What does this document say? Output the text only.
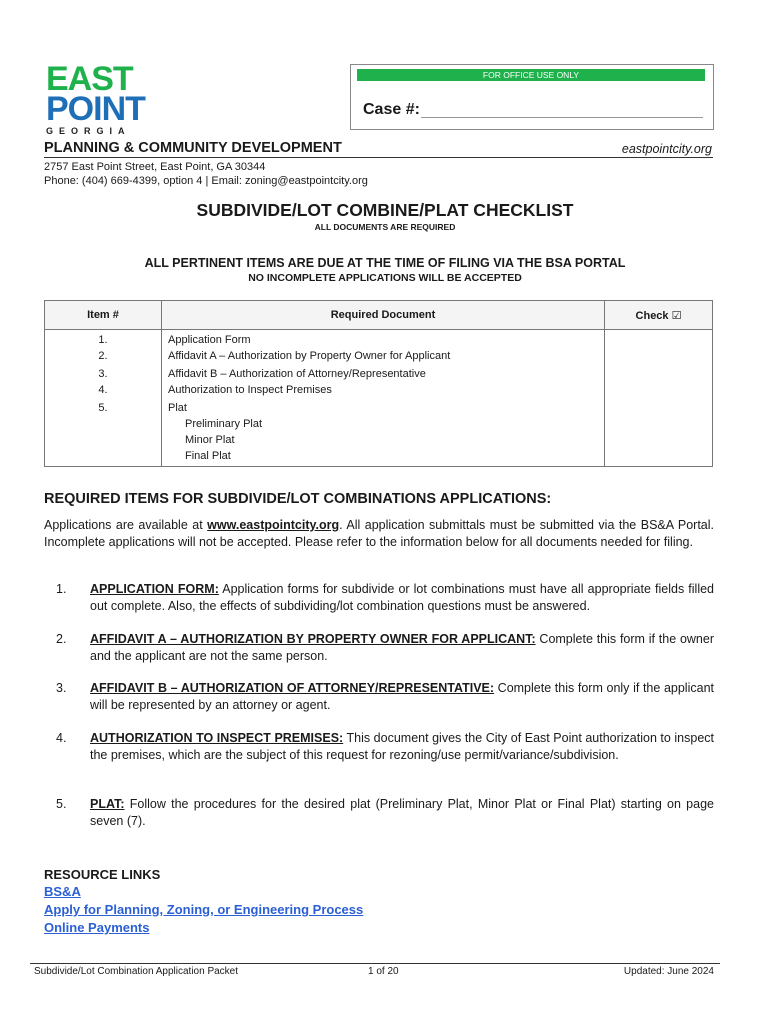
EAST
POINT
GEORGIA
FOR OFFICE USE ONLY
Case #:
PLANNING & COMMUNITY DEVELOPMENT	eastpointcity.org
2757 East Point Street, East Point, GA 30344
Phone: (404) 669-4399, option 4 | Email: zoning@eastpointcity.org
SUBDIVIDE/LOT COMBINE/PLAT CHECKLIST
ALL DOCUMENTS ARE REQUIRED
ALL PERTINENT ITEMS ARE DUE AT THE TIME OF FILING VIA THE BSA PORTAL
NO INCOMPLETE APPLICATIONS WILL BE ACCEPTED
Item #	Required Document	Check ☑

1.	Application Form	

2.	Affidavit A – Authorization by Property Owner for Applicant	

3.	Affidavit B – Authorization of Attorney/Representative	

4.	Authorization to Inspect Premises	

5.	Plat
Preliminary Plat
Minor Plat
Final Plat	

REQUIRED ITEMS FOR SUBDIVIDE/LOT COMBINATIONS APPLICATIONS:
Applications are available at www.eastpointcity.org. All application submittals must be submitted via the BS&A Portal. Incomplete applications will not be accepted. Please refer to the information below for all documents needed for filing.
1. APPLICATION FORM: Application forms for subdivide or lot combinations must have all appropriate fields filled out complete. Also, the effects of subdividing/lot combination questions must be answered.
2. AFFIDAVIT A – AUTHORIZATION BY PROPERTY OWNER FOR APPLICANT: Complete this form if the owner and the applicant are not the same person.
3. AFFIDAVIT B – AUTHORIZATION OF ATTORNEY/REPRESENTATIVE: Complete this form only if the applicant will be represented by an attorney or agent.
4. AUTHORIZATION TO INSPECT PREMISES: This document gives the City of East Point authorization to inspect the premises, which are the subject of this request for rezoning/use permit/variance/subdivision.
5. PLAT: Follow the procedures for the desired plat (Preliminary Plat, Minor Plat or Final Plat) starting on page seven (7).
RESOURCE LINKS
BS&A
Apply for Planning, Zoning, or Engineering Process
Online Payments
Subdivide/Lot Combination Application Packet	1 of 20	Updated: June 2024
